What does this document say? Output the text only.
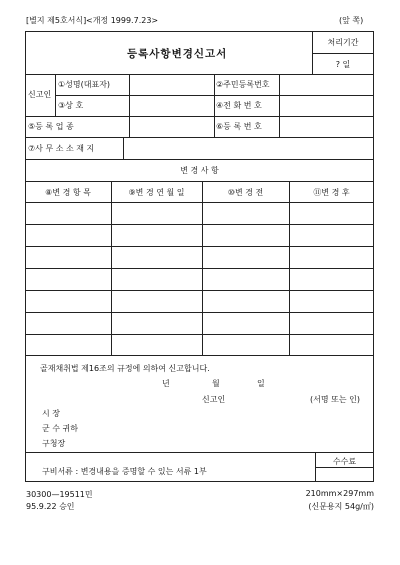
[별지 제5호서식] <개정 1999.7.23>	(앞 쪽)
등록사항변경신고서
처리기간
? 일
신고인
①성명(대표자)	②주민등록번호
③상 호	④전 화 번 호
⑤등 록 업 종	⑥등 록 번 호
⑦사 무 소 소 재 지
변 경 사 항
⑧변 경 항 목	⑨변 경 연 월 일	⑩변 경 전	⑪변 경 후
골재채취법 제16조의 규정에 의하여 신고합니다.
년	월	일
신고인	(서명 또는 인)
시 장
군 수 귀하
구청장
구비서류 : 변경내용을 증명할 수 있는 서류 1부
수수료
30300—19511민
95.9.22 승인
210mm×297mm
(신문용지 54g/㎡)
